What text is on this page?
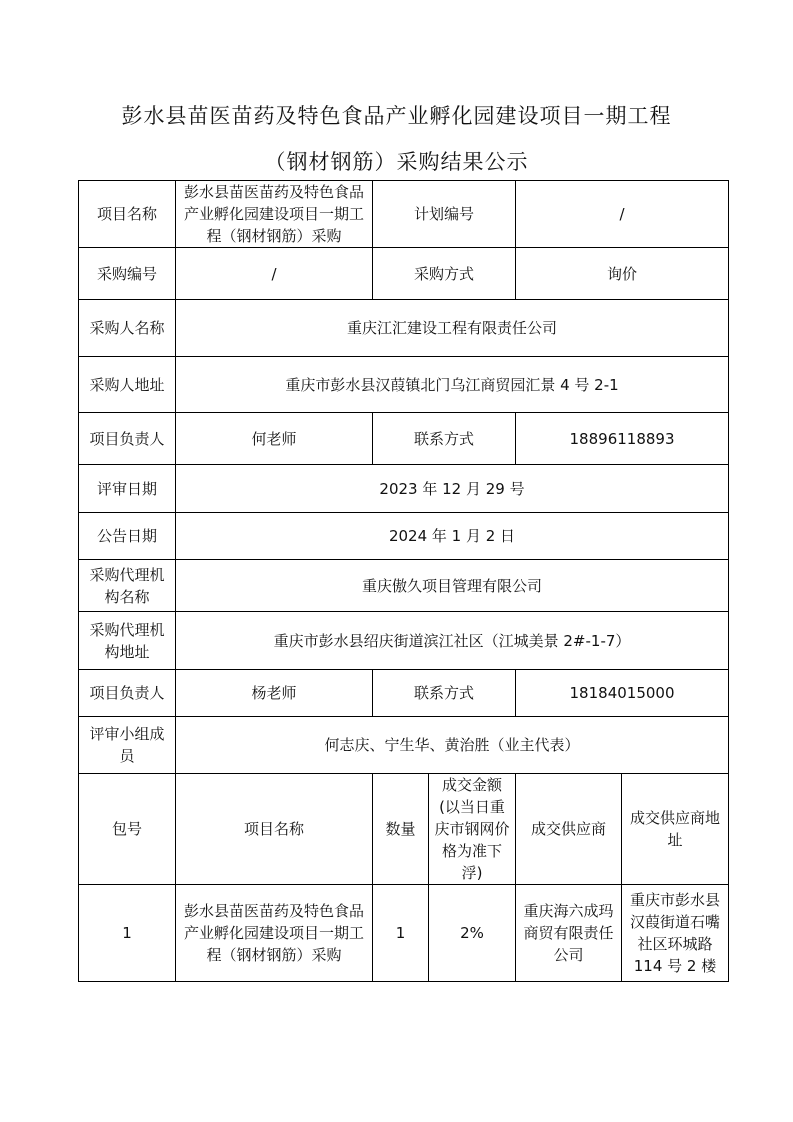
彭水县苗医苗药及特色食品产业孵化园建设项目一期工程
（钢材钢筋）采购结果公示
项目名称	彭水县苗医苗药及特色食品产业孵化园建设项目一期工程（钢材钢筋）采购	计划编号		/	
采购编号	/	采购方式		询价	
采购人名称	重庆江汇建设工程有限责任公司				
采购人地址	重庆市彭水县汉葭镇北门乌江商贸园汇景 4 号 2-1				
项目负责人	何老师	联系方式		18896118893	
评审日期	2023 年 12 月 29 号				
公告日期	2024 年 1 月 2 日				
采购代理机构名称	重庆傲久项目管理有限公司				
采购代理机构地址	重庆市彭水县绍庆街道滨江社区（江城美景 2#-1-7）				
项目负责人	杨老师	联系方式		18184015000	
评审小组成员	何志庆、宁生华、黄治胜（业主代表）				
包号	项目名称	数量	成交金额(以当日重庆市钢网价格为准下浮)	成交供应商	成交供应商地址
1	彭水县苗医苗药及特色食品产业孵化园建设项目一期工程（钢材钢筋）采购	1	2%	重庆海六成玛商贸有限责任公司	重庆市彭水县汉葭街道石嘴社区环城路 114 号 2 楼
